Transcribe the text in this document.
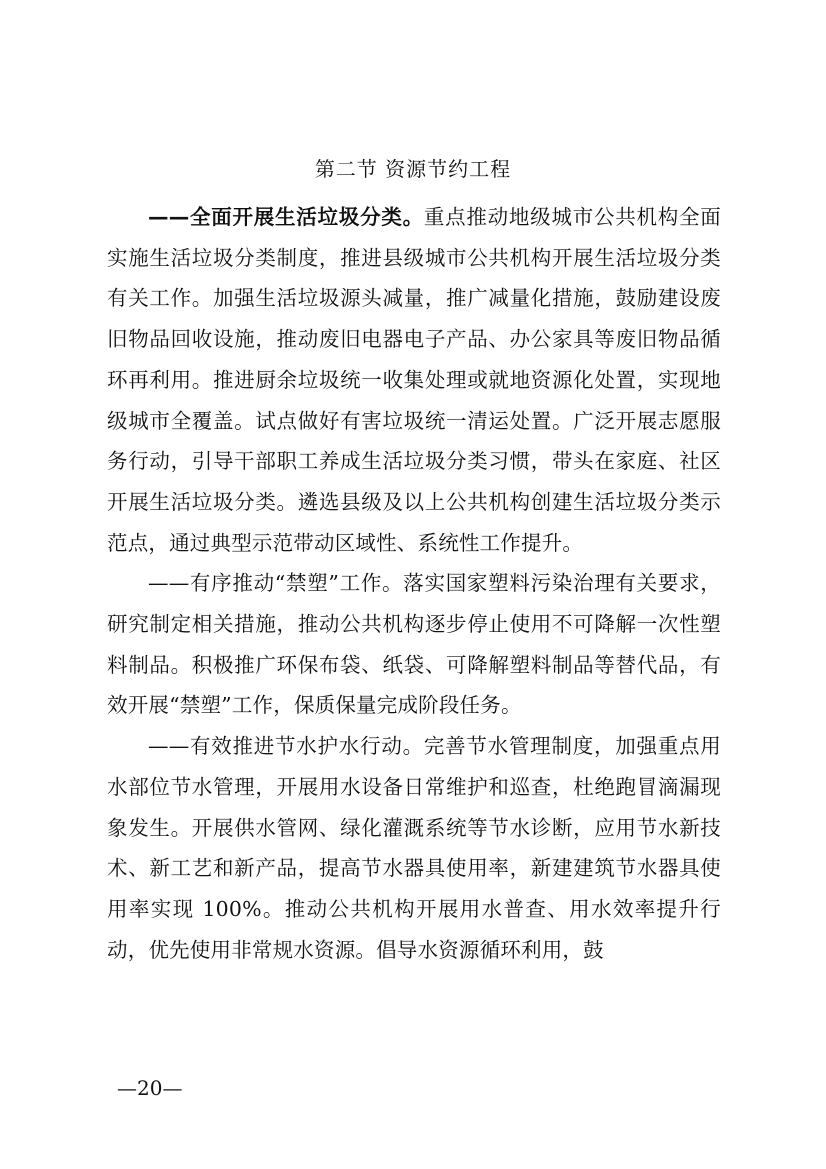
第二节 资源节约工程

——全面开展生活垃圾分类。重点推动地级城市公共机构全面实施生活垃圾分类制度，推进县级城市公共机构开展生活垃圾分类有关工作。加强生活垃圾源头减量，推广减量化措施，鼓励建设废旧物品回收设施，推动废旧电器电子产品、办公家具等废旧物品循环再利用。推进厨余垃圾统一收集处理或就地资源化处置，实现地级城市全覆盖。试点做好有害垃圾统一清运处置。广泛开展志愿服务行动，引导干部职工养成生活垃圾分类习惯，带头在家庭、社区开展生活垃圾分类。遴选县级及以上公共机构创建生活垃圾分类示范点，通过典型示范带动区域性、系统性工作提升。

——有序推动“禁塑”工作。落实国家塑料污染治理有关要求，研究制定相关措施，推动公共机构逐步停止使用不可降解一次性塑料制品。积极推广环保布袋、纸袋、可降解塑料制品等替代品，有效开展“禁塑”工作，保质保量完成阶段任务。

——有效推进节水护水行动。完善节水管理制度，加强重点用水部位节水管理，开展用水设备日常维护和巡查，杜绝跑冒滴漏现象发生。开展供水管网、绿化灌溉系统等节水诊断，应用节水新技术、新工艺和新产品，提高节水器具使用率，新建建筑节水器具使用率实现 100%。推动公共机构开展用水普查、用水效率提升行动，优先使用非常规水资源。倡导水资源循环利用，鼓

—20—
